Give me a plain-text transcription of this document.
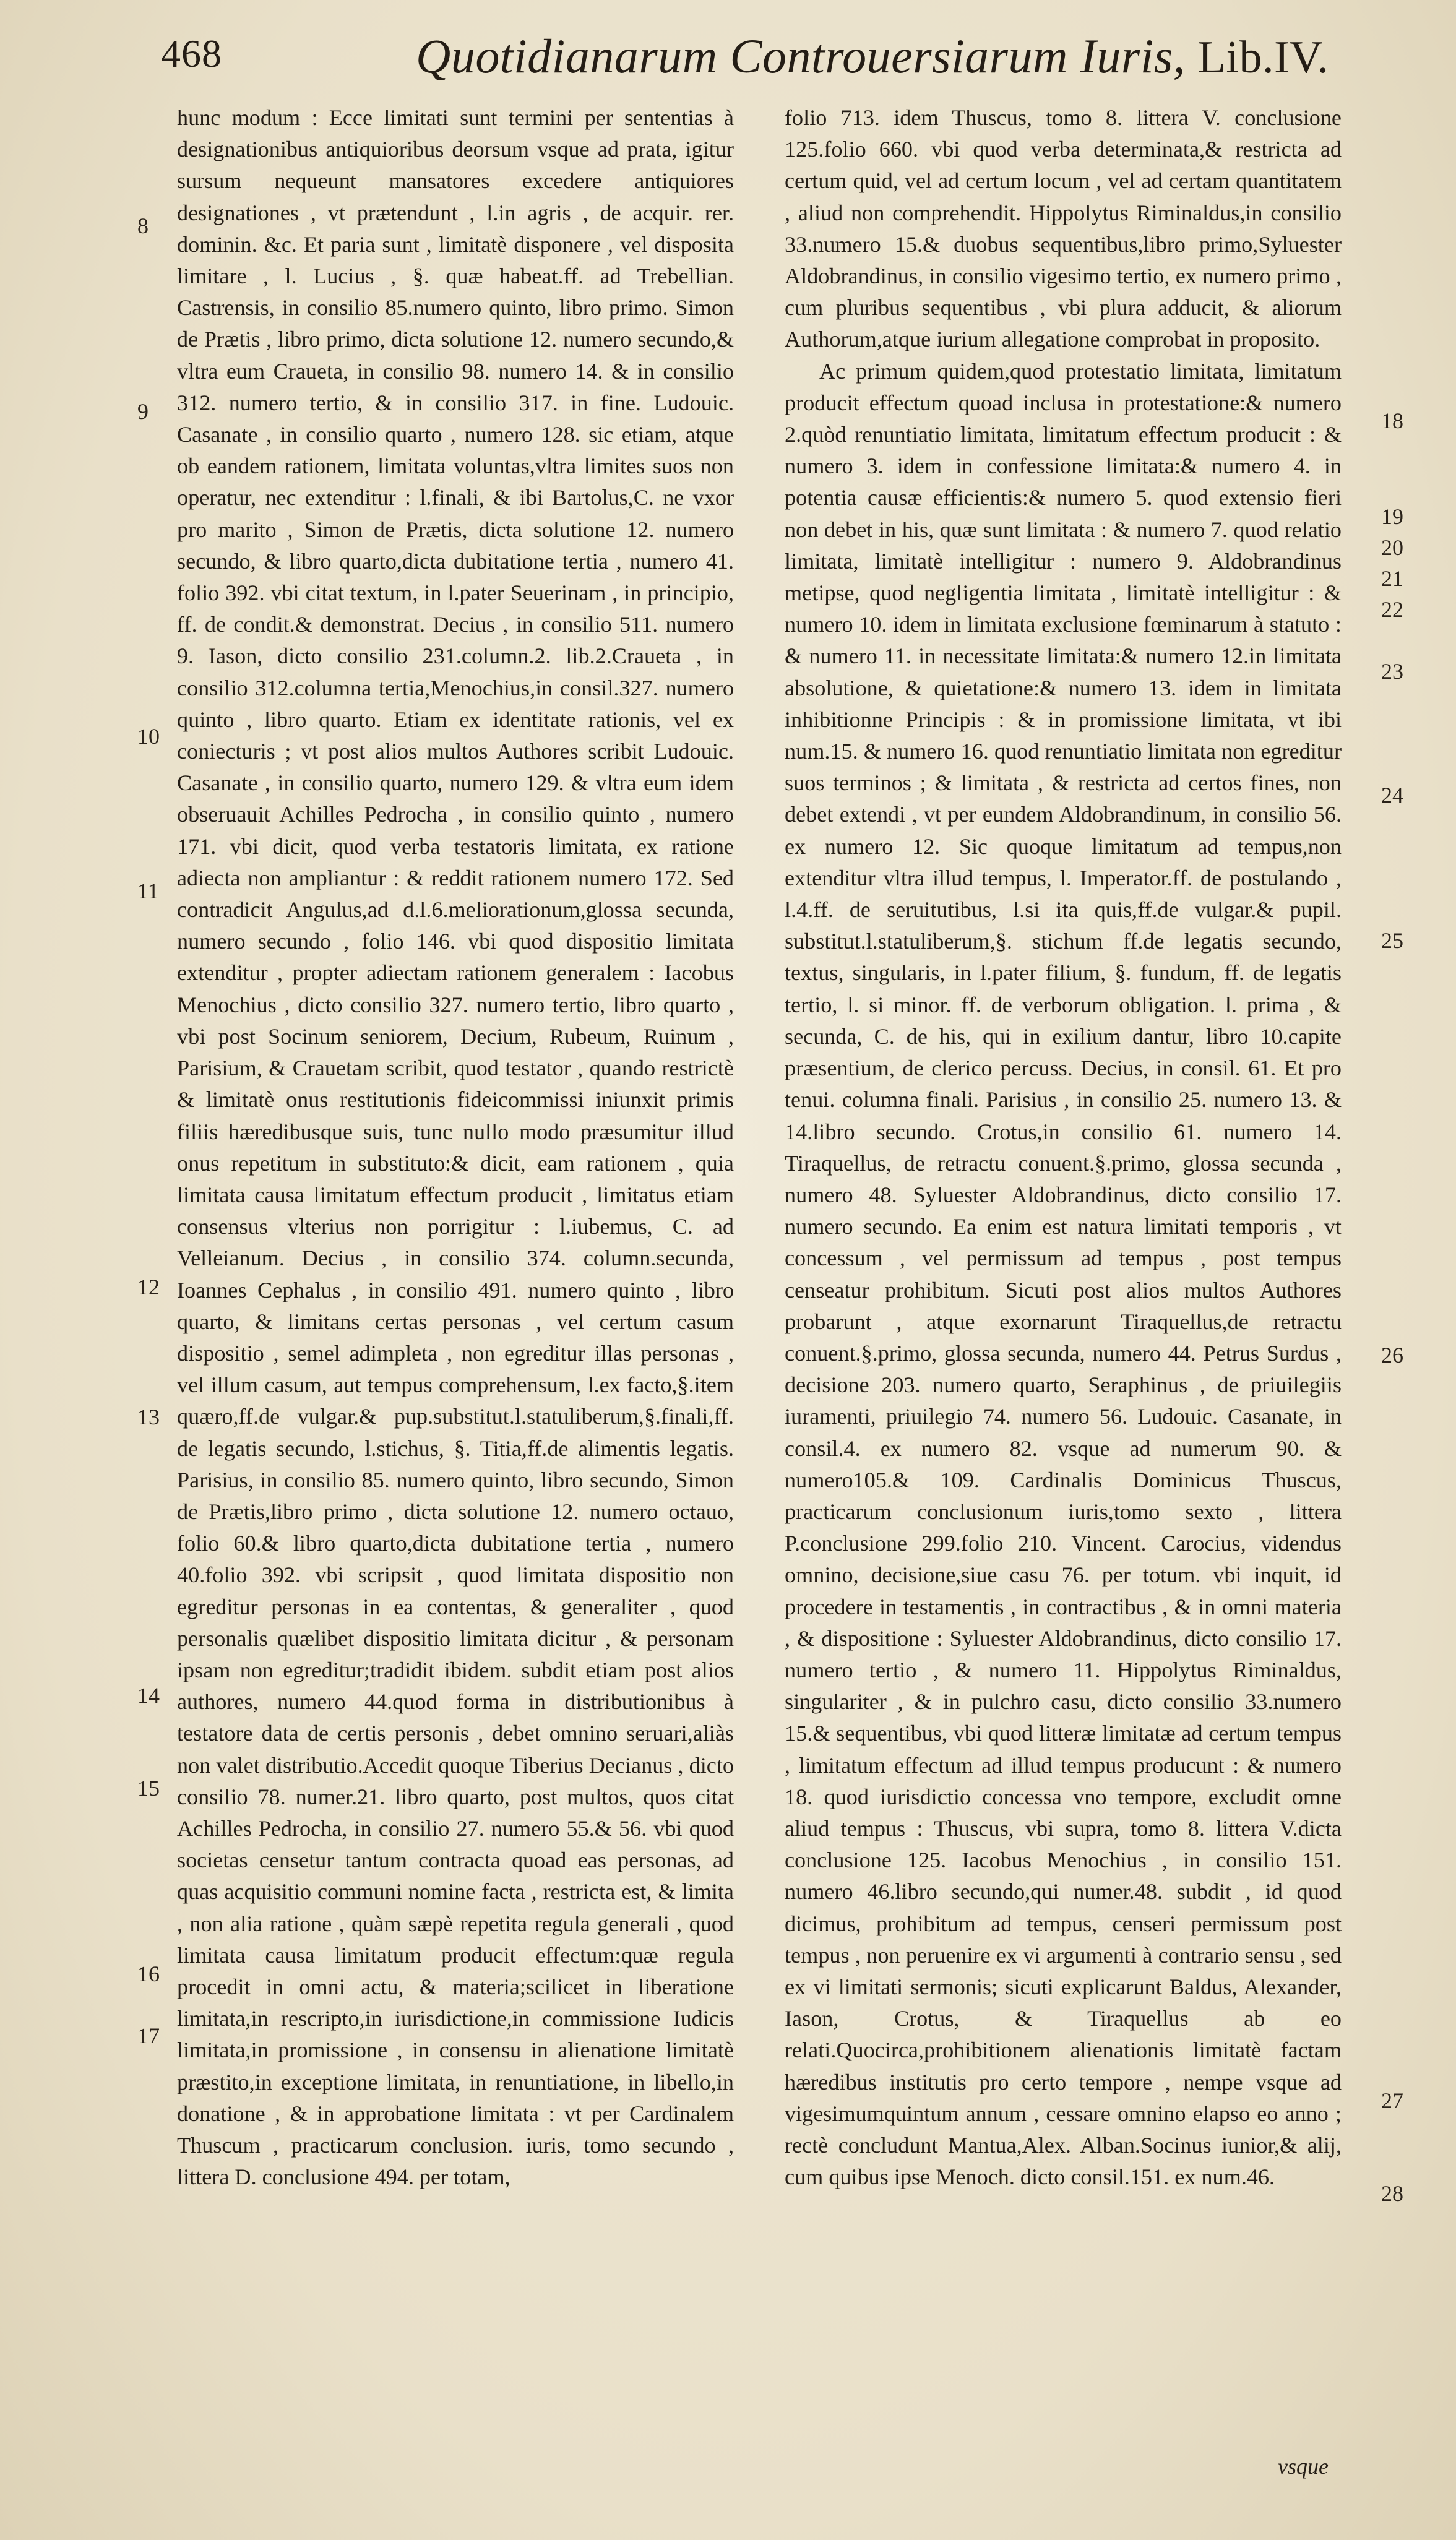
468	Quotidianarum Controuersiarum Iuris, Lib.IV.

hunc modum : Ecce limitati sunt termini per sententias à designationibus antiquioribus deorsum vsque ad prata, igitur sursum nequeunt mansatores excedere antiquiores designationes , vt prætendunt , l.in agris , de acquir. rer. dominin. &c. Et paria sunt , limitatè disponere , vel disposita limitare , l. Lucius , §. quæ habeat.ff. ad Trebellian. Castrensis, in consilio 85.numero quinto, libro primo. Simon de Prætis , libro primo, dicta solutione 12. numero secundo,& vltra eum Craueta, in consilio 98. numero 14. & in consilio 312. numero tertio, & in consilio 317. in fine. Ludouic. Casanate , in consilio quarto , numero 128. sic etiam, atque ob eandem rationem, limitata voluntas,vltra limites suos non operatur, nec extenditur : l.finali, & ibi Bartolus,C. ne vxor pro marito , Simon de Prætis, dicta solutione 12. numero secundo, & libro quarto,dicta dubitatione tertia , numero 41. folio 392. vbi citat textum, in l.pater Seuerinam , in principio, ff. de condit.& demonstrat. Decius , in consilio 511. numero 9. Iason, dicto consilio 231.column.2. lib.2.Craueta , in consilio 312.columna tertia,Menochius,in consil.327. numero quinto , libro quarto. Etiam ex identitate rationis, vel ex coniecturis ; vt post alios multos Authores scribit Ludouic. Casanate , in consilio quarto, numero 129. & vltra eum idem obseruauit Achilles Pedrocha , in consilio quinto , numero 171. vbi dicit, quod verba testatoris limitata, ex ratione adiecta non ampliantur : & reddit rationem numero 172. Sed contradicit Angulus,ad d.l.6.meliorationum,glossa secunda, numero secundo , folio 146. vbi quod dispositio limitata extenditur , propter adiectam rationem generalem : Iacobus Menochius , dicto consilio 327. numero tertio, libro quarto , vbi post Socinum seniorem, Decium, Rubeum, Ruinum , Parisium, & Crauetam scribit, quod testator , quando restrictè & limitatè onus restitutionis fideicommissi iniunxit primis filiis hæredibusque suis, tunc nullo modo præsumitur illud onus repetitum in substituto:& dicit, eam rationem , quia limitata causa limitatum effectum producit , limitatus etiam consensus vlterius non porrigitur : l.iubemus, C. ad Velleianum. Decius , in consilio 374. column.secunda, Ioannes Cephalus , in consilio 491. numero quinto , libro quarto, & limitans certas personas , vel certum casum dispositio , semel adimpleta , non egreditur illas personas , vel illum casum, aut tempus comprehensum, l.ex facto,§.item quæro,ff.de vulgar.& pup.substitut.l.statuliberum,§.finali,ff. de legatis secundo, l.stichus, §. Titia,ff.de alimentis legatis. Parisius, in consilio 85. numero quinto, libro secundo, Simon de Prætis,libro primo , dicta solutione 12. numero octauo, folio 60.& libro quarto,dicta dubitatione tertia , numero 40.folio 392. vbi scripsit , quod limitata dispositio non egreditur personas in ea contentas, & generaliter , quod personalis quælibet dispositio limitata dicitur , & personam ipsam non egreditur;tradidit ibidem. subdit etiam post alios authores, numero 44.quod forma in distributionibus à testatore data de certis personis , debet omnino seruari,aliàs non valet distributio.Accedit quoque Tiberius Decianus , dicto consilio 78. numer.21. libro quarto, post multos, quos citat Achilles Pedrocha, in consilio 27. numero 55.& 56. vbi quod societas censetur tantum contracta quoad eas personas, ad quas acquisitio communi nomine facta , restricta est, & limita , non alia ratione , quàm sæpè repetita regula generali , quod limitata causa limitatum producit effectum:quæ regula procedit in omni actu, & materia;scilicet in liberatione limitata,in rescripto,in iurisdictione,in commissione Iudicis limitata,in promissione , in consensu in alienatione limitatè præstito,in exceptione limitata, in renuntiatione, in libello,in donatione , & in approbatione limitata : vt per Cardinalem Thuscum , practicarum conclusion. iuris, tomo secundo , littera D. conclusione 494. per totam,

folio 713. idem Thuscus, tomo 8. littera V. conclusione 125.folio 660. vbi quod verba determinata,& restricta ad certum quid, vel ad certum locum , vel ad certam quantitatem , aliud non comprehendit. Hippolytus Riminaldus,in consilio 33.numero 15.& duobus sequentibus,libro primo,Syluester Aldobrandinus, in consilio vigesimo tertio, ex numero primo , cum pluribus sequentibus , vbi plura adducit, & aliorum Authorum,atque iurium allegatione comprobat in proposito.

Ac primum quidem,quod protestatio limitata, limitatum producit effectum quoad inclusa in protestatione:& numero 2.quòd renuntiatio limitata, limitatum effectum producit : & numero 3. idem in confessione limitata:& numero 4. in potentia causæ efficientis:& numero 5. quod extensio fieri non debet in his, quæ sunt limitata : & numero 7. quod relatio limitata, limitatè intelligitur : numero 9. Aldobrandinus metipse, quod negligentia limitata , limitatè intelligitur : & numero 10. idem in limitata exclusione fœminarum à statuto : & numero 11. in necessitate limitata:& numero 12.in limitata absolutione, & quietatione:& numero 13. idem in limitata inhibitionne Principis : & in promissione limitata, vt ibi num.15. & numero 16. quod renuntiatio limitata non egreditur suos terminos ; & limitata , & restricta ad certos fines, non debet extendi , vt per eundem Aldobrandinum, in consilio 56. ex numero 12. Sic quoque limitatum ad tempus,non extenditur vltra illud tempus, l. Imperator.ff. de postulando , l.4.ff. de seruitutibus, l.si ita quis,ff.de vulgar.& pupil. substitut.l.statuliberum,§. stichum ff.de legatis secundo, textus, singularis, in l.pater filium, §. fundum, ff. de legatis tertio, l. si minor. ff. de verborum obligation. l. prima , & secunda, C. de his, qui in exilium dantur, libro 10.capite præsentium, de clerico percuss. Decius, in consil. 61. Et pro tenui. columna finali. Parisius , in consilio 25. numero 13. & 14.libro secundo. Crotus,in consilio 61. numero 14. Tiraquellus, de retractu conuent.§.primo, glossa secunda , numero 48. Syluester Aldobrandinus, dicto consilio 17. numero secundo. Ea enim est natura limitati temporis , vt concessum , vel permissum ad tempus , post tempus censeatur prohibitum. Sicuti post alios multos Authores probarunt , atque exornarunt Tiraquellus,de retractu conuent.§.primo, glossa secunda, numero 44. Petrus Surdus , decisione 203. numero quarto, Seraphinus , de priuilegiis iuramenti, priuilegio 74. numero 56. Ludouic. Casanate, in consil.4. ex numero 82. vsque ad numerum 90. & numero105.& 109. Cardinalis Dominicus Thuscus, practicarum conclusionum iuris,tomo sexto , littera P.conclusione 299.folio 210. Vincent. Carocius, videndus omnino, decisione,siue casu 76. per totum. vbi inquit, id procedere in testamentis , in contractibus , & in omni materia , & dispositione : Syluester Aldobrandinus, dicto consilio 17. numero tertio , & numero 11. Hippolytus Riminaldus, singulariter , & in pulchro casu, dicto consilio 33.numero 15.& sequentibus, vbi quod litteræ limitatæ ad certum tempus , limitatum effectum ad illud tempus producunt : & numero 18. quod iurisdictio concessa vno tempore, excludit omne aliud tempus : Thuscus, vbi supra, tomo 8. littera V.dicta conclusione 125. Iacobus Menochius , in consilio 151. numero 46.libro secundo,qui numer.48. subdit , id quod dicimus, prohibitum ad tempus, censeri permissum post tempus , non peruenire ex vi argumenti à contrario sensu , sed ex vi limitati sermonis; sicuti explicarunt Baldus, Alexander, Iason, Crotus, & Tiraquellus ab eo relati.Quocirca,prohibitionem alienationis limitatè factam hæredibus institutis pro certo tempore , nempe vsque ad vigesimumquintum annum , cessare omnino elapso eo anno ; rectè concludunt Mantua,Alex. Alban.Socinus iunior,& alij, cum quibus ipse Menoch. dicto consil.151. ex num.46.

8
9
10
11
12
13
14
15
16
17
18
19
20
21
22
23
24
25
26
27
28
vsque
